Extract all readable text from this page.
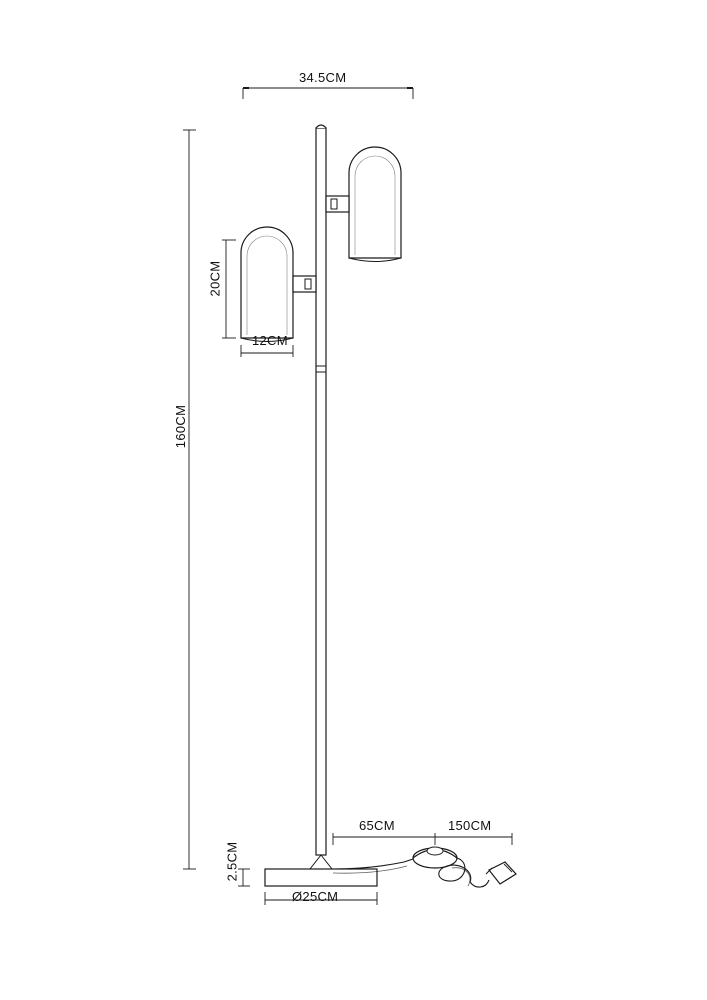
34.5CM
20CM
12CM
160CM
2.5CM
Ø25CM
65CM	150CM
